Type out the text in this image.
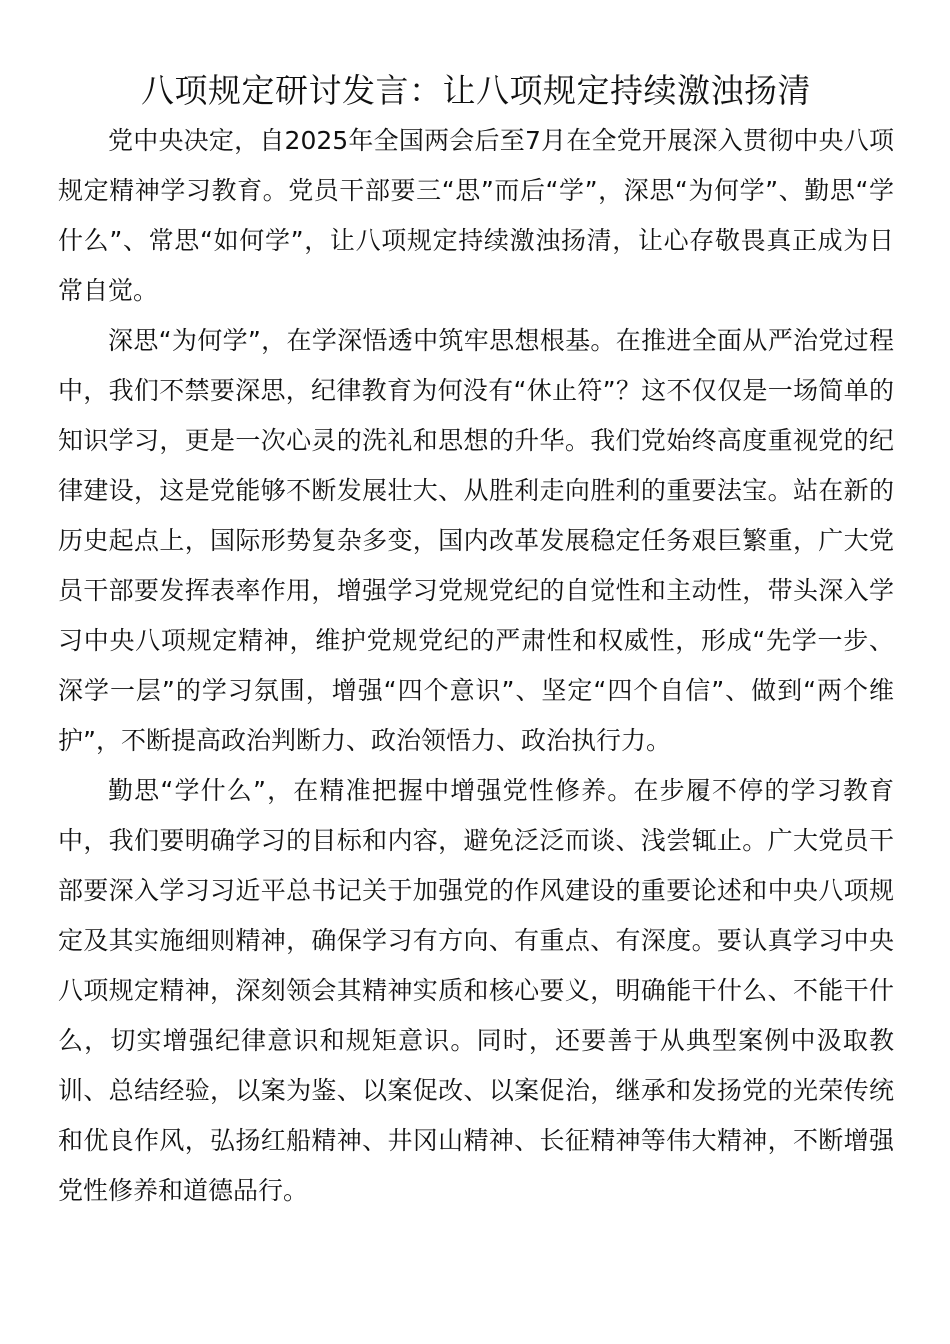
八项规定研讨发言：让八项规定持续激浊扬清

党中央决定，自2025年全国两会后至7月在全党开展深入贯彻中央八项规定精神学习教育。党员干部要三“思”而后“学”，深思“为何学”、勤思“学什么”、常思“如何学”，让八项规定持续激浊扬清，让心存敬畏真正成为日常自觉。

深思“为何学”，在学深悟透中筑牢思想根基。在推进全面从严治党过程中，我们不禁要深思，纪律教育为何没有“休止符”？这不仅仅是一场简单的知识学习，更是一次心灵的洗礼和思想的升华。我们党始终高度重视党的纪律建设，这是党能够不断发展壮大、从胜利走向胜利的重要法宝。站在新的历史起点上，国际形势复杂多变，国内改革发展稳定任务艰巨繁重，广大党员干部要发挥表率作用，增强学习党规党纪的自觉性和主动性，带头深入学习中央八项规定精神，维护党规党纪的严肃性和权威性，形成“先学一步、深学一层”的学习氛围，增强“四个意识”、坚定“四个自信”、做到“两个维护”，不断提高政治判断力、政治领悟力、政治执行力。

勤思“学什么”，在精准把握中增强党性修养。在步履不停的学习教育中，我们要明确学习的目标和内容，避免泛泛而谈、浅尝辄止。广大党员干部要深入学习习近平总书记关于加强党的作风建设的重要论述和中央八项规定及其实施细则精神，确保学习有方向、有重点、有深度。要认真学习中央八项规定精神，深刻领会其精神实质和核心要义，明确能干什么、不能干什么，切实增强纪律意识和规矩意识。同时，还要善于从典型案例中汲取教训、总结经验，以案为鉴、以案促改、以案促治，继承和发扬党的光荣传统和优良作风，弘扬红船精神、井冈山精神、长征精神等伟大精神，不断增强党性修养和道德品行。
